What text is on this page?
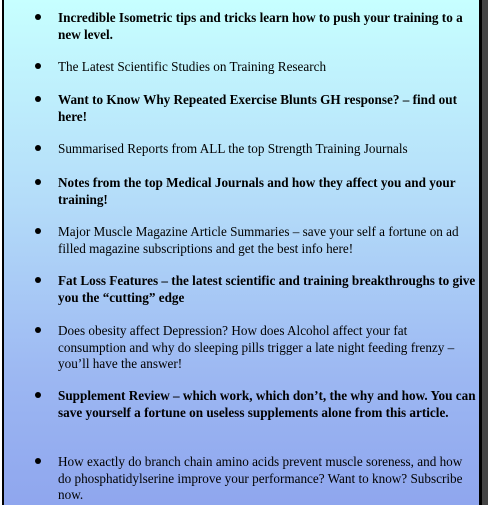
Incredible Isometric tips and tricks learn how to push your training to a new level.

The Latest Scientific Studies on Training Research

Want to Know Why Repeated Exercise Blunts GH response? – find out here!

Summarised Reports from ALL the top Strength Training Journals

Notes from the top Medical Journals and how they affect you and your training!

Major Muscle Magazine Article Summaries – save your self a fortune on ad filled magazine subscriptions and get the best info here!

Fat Loss Features – the latest scientific and training breakthroughs to give you the “cutting” edge

Does obesity affect Depression? How does Alcohol affect your fat consumption and why do sleeping pills trigger a late night feeding frenzy – you’ll have the answer!

Supplement Review – which work, which don’t, the why and how. You can save yourself a fortune on useless supplements alone from this article.

How exactly do branch chain amino acids prevent muscle soreness, and how do phosphatidylserine improve your performance? Want to know? Subscribe now.
